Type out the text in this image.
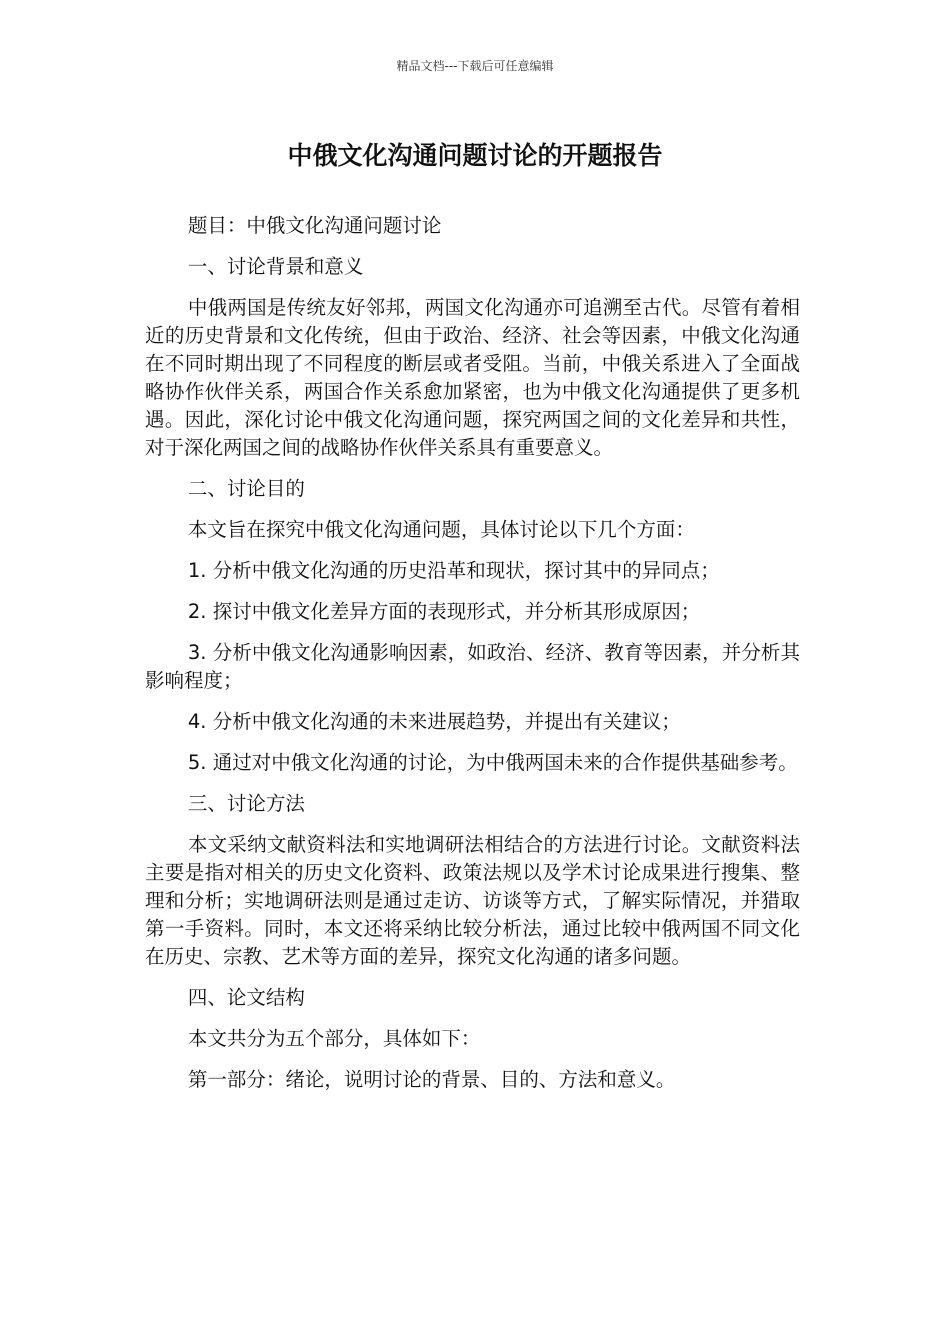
精品文档---下载后可任意编辑
中俄文化沟通问题讨论的开题报告

题目：中俄文化沟通问题讨论

一、讨论背景和意义

中俄两国是传统友好邻邦，两国文化沟通亦可追溯至古代。尽管有着相近的历史背景和文化传统，但由于政治、经济、社会等因素，中俄文化沟通在不同时期出现了不同程度的断层或者受阻。当前，中俄关系进入了全面战略协作伙伴关系，两国合作关系愈加紧密，也为中俄文化沟通提供了更多机遇。因此，深化讨论中俄文化沟通问题，探究两国之间的文化差异和共性，对于深化两国之间的战略协作伙伴关系具有重要意义。

二、讨论目的

本文旨在探究中俄文化沟通问题，具体讨论以下几个方面：

1. 分析中俄文化沟通的历史沿革和现状，探讨其中的异同点；

2. 探讨中俄文化差异方面的表现形式，并分析其形成原因；

3. 分析中俄文化沟通影响因素，如政治、经济、教育等因素，并分析其影响程度；

4. 分析中俄文化沟通的未来进展趋势，并提出有关建议；

5. 通过对中俄文化沟通的讨论，为中俄两国未来的合作提供基础参考。

三、讨论方法

本文采纳文献资料法和实地调研法相结合的方法进行讨论。文献资料法主要是指对相关的历史文化资料、政策法规以及学术讨论成果进行搜集、整理和分析；实地调研法则是通过走访、访谈等方式，了解实际情况，并猎取第一手资料。同时，本文还将采纳比较分析法，通过比较中俄两国不同文化在历史、宗教、艺术等方面的差异，探究文化沟通的诸多问题。

四、论文结构

本文共分为五个部分，具体如下：

第一部分：绪论，说明讨论的背景、目的、方法和意义。
